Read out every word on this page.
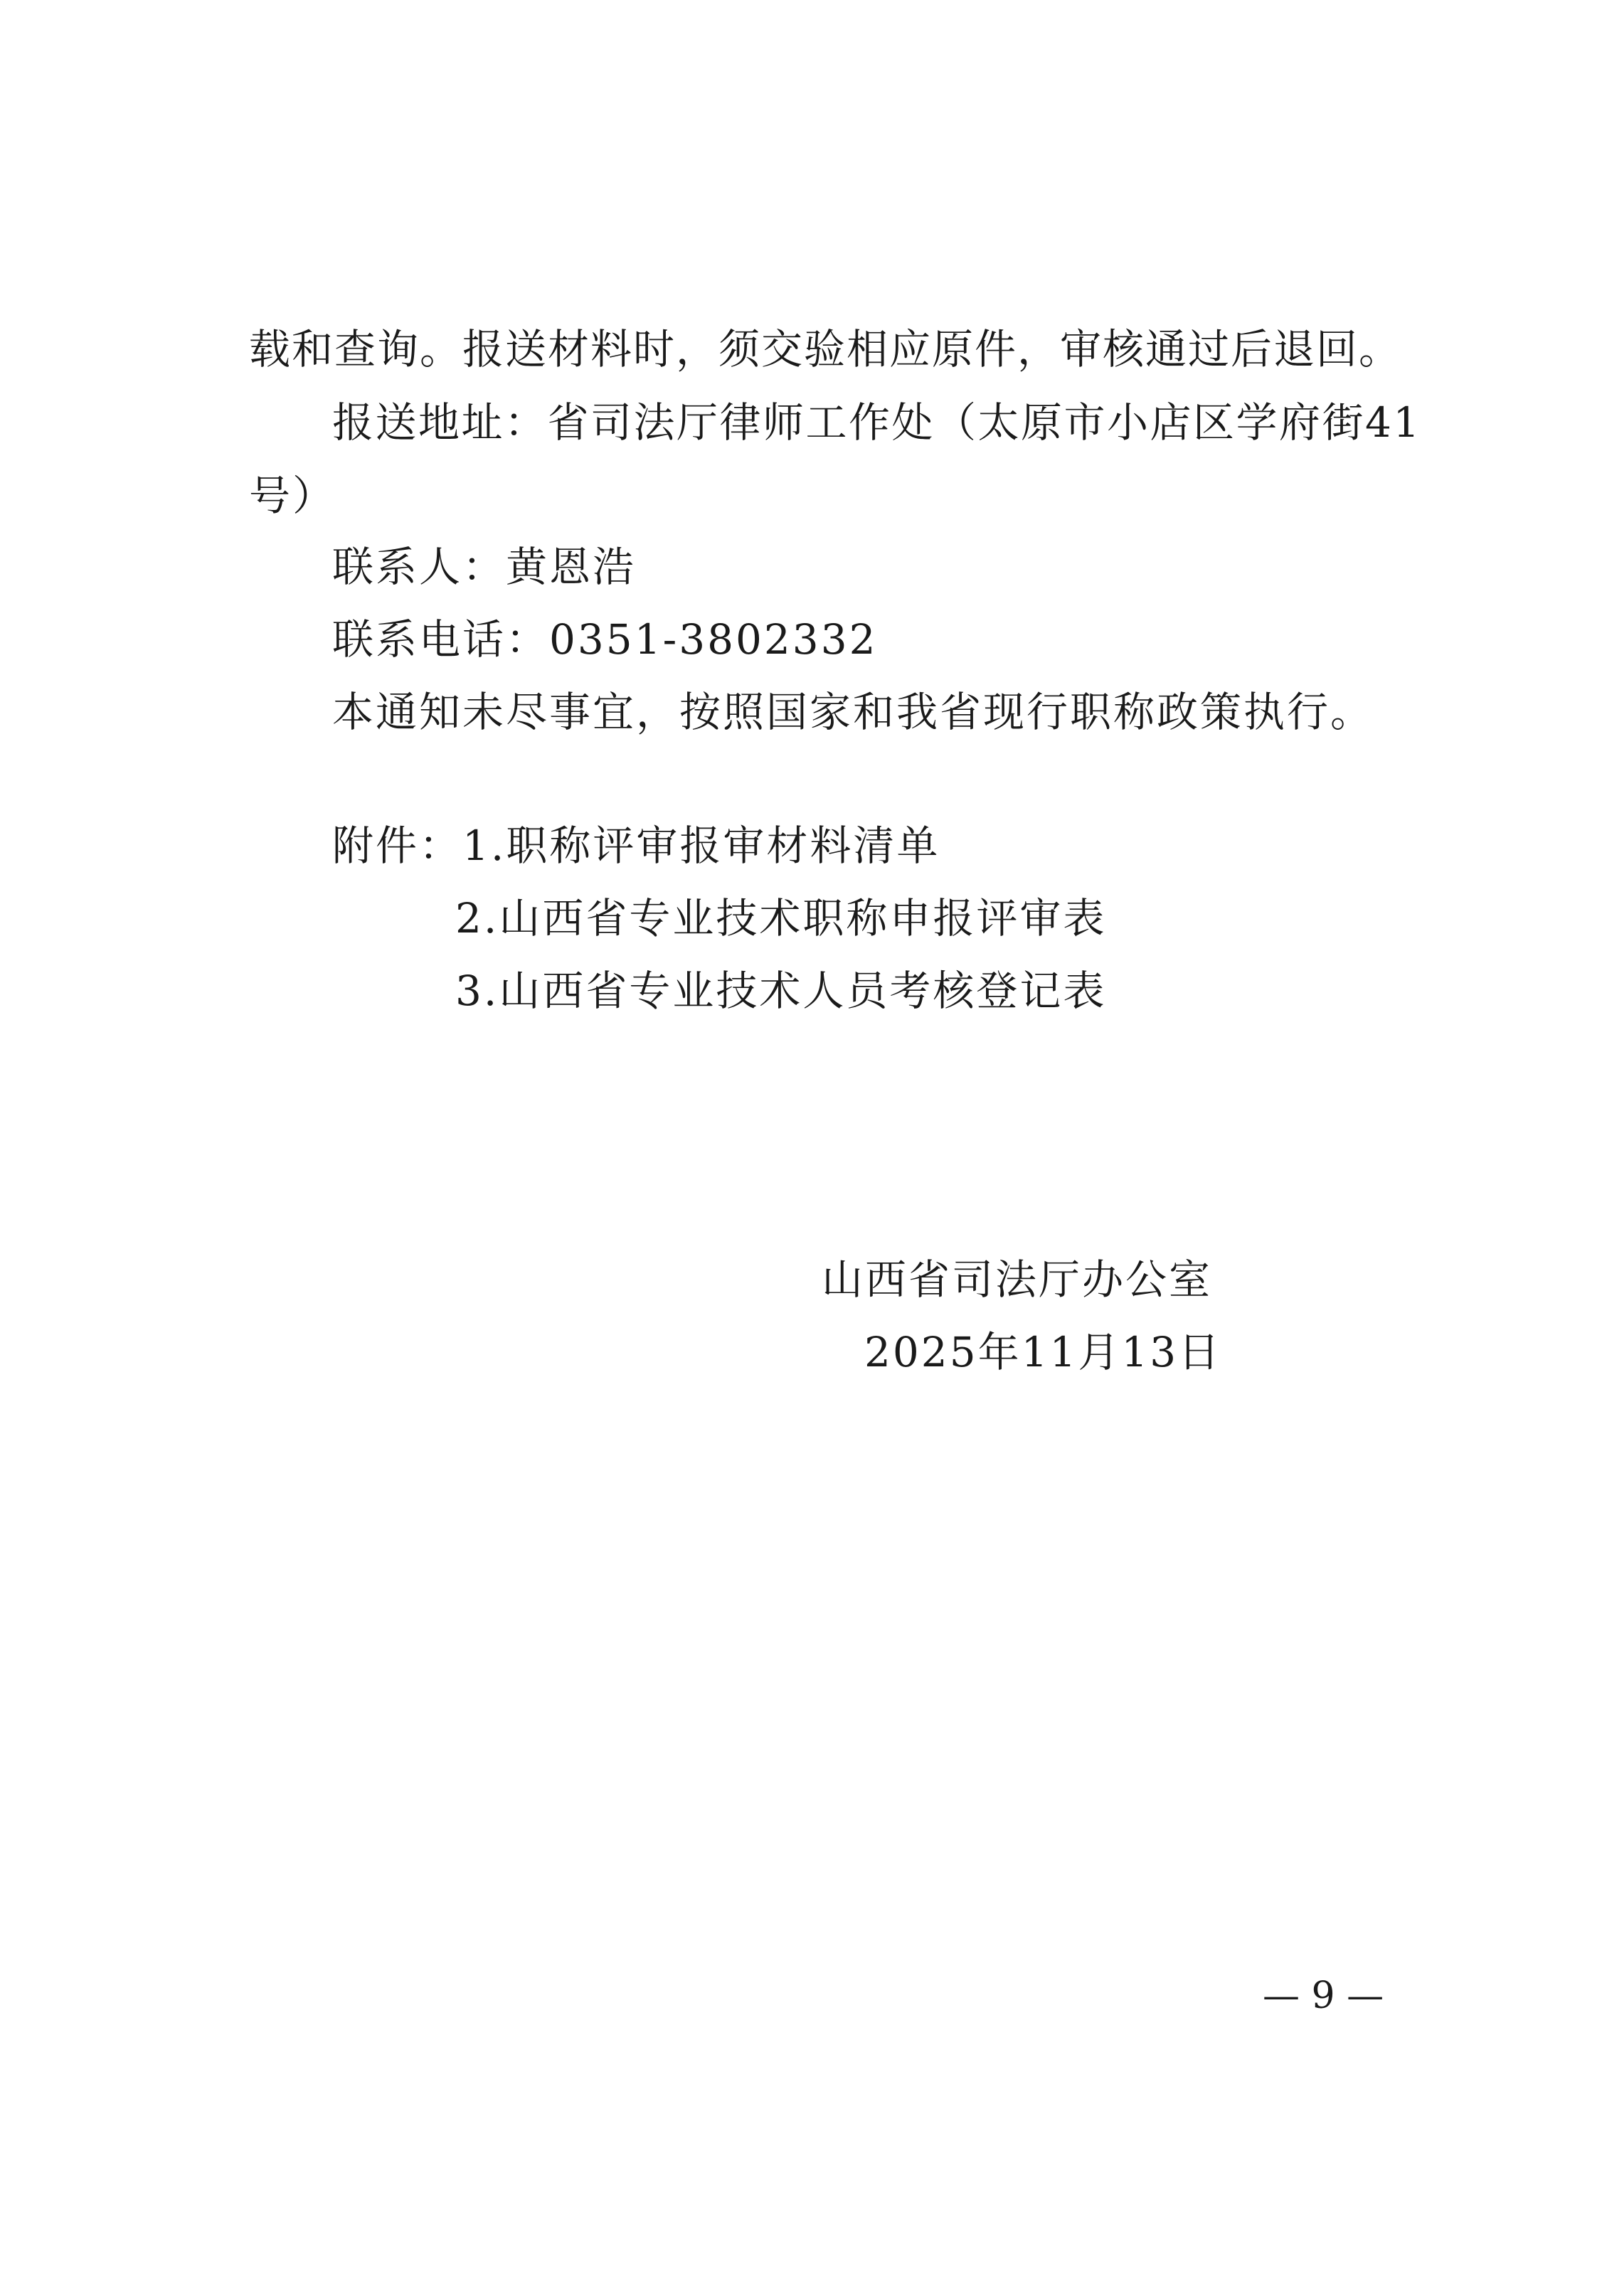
载和查询。报送材料时，须交验相应原件，审核通过后退回。
报送地址：省司法厅律师工作处（太原市小店区学府街41
号）
联系人：黄恩浩
联系电话：0351-3802332
本通知未尽事宜，按照国家和我省现行职称政策执行。
附件：1.职称评审报审材料清单
2.山西省专业技术职称申报评审表
3.山西省专业技术人员考核登记表
山西省司法厅办公室
2025年11月13日
— 9 —
